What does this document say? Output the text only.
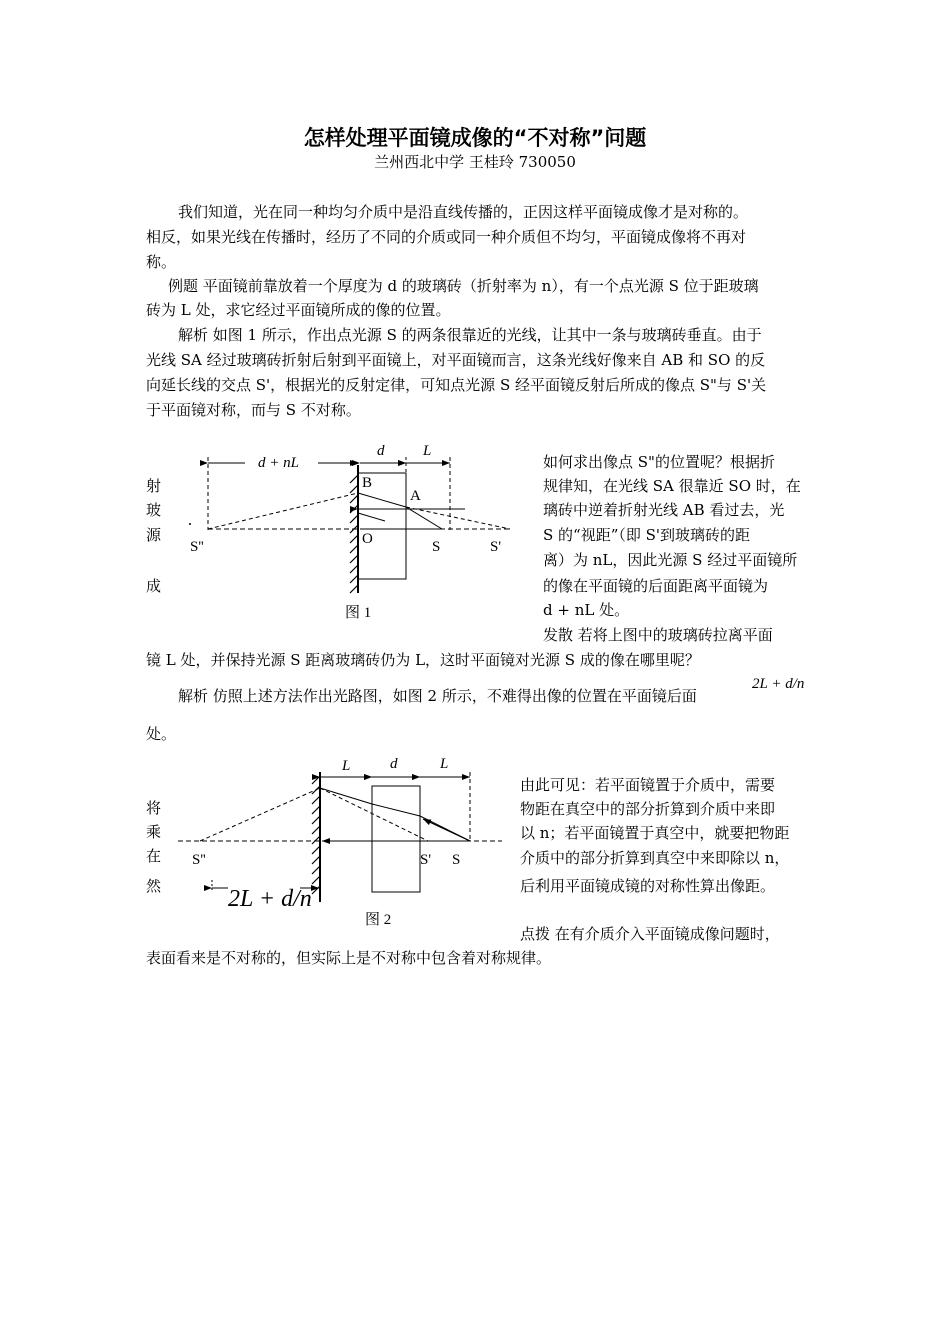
怎样处理平面镜成像的“不对称”问题
兰州西北中学 王桂玲 730050
我们知道，光在同一种均匀介质中是沿直线传播的，正因这样平面镜成像才是对称的。
相反，如果光线在传播时，经历了不同的介质或同一种介质但不均匀，平面镜成像将不再对
称。
例题 平面镜前靠放着一个厚度为 d 的玻璃砖（折射率为 n），有一个点光源 S 位于距玻璃
砖为 L 处，求它经过平面镜所成的像的位置。
解析 如图 1 所示，作出点光源 S 的两条很靠近的光线，让其中一条与玻璃砖垂直。由于
光线 SA 经过玻璃砖折射后射到平面镜上，对平面镜而言，这条光线好像来自 AB 和 SO 的反
向延长线的交点 S'，根据光的反射定律，可知点光源 S 经平面镜反射后所成的像点 S"与 S'关
于平面镜对称，而与 S 不对称。
射
玻
源
成
d + nL
d	L
B
A
O	S	S'
S''
图 1
如何求出像点 S"的位置呢？根据折
规律知，在光线 SA 很靠近 SO 时，在
璃砖中逆着折射光线 AB 看过去，光
S 的“视距”（即 S'到玻璃砖的距
离）为 nL，因此光源 S 经过平面镜所
的像在平面镜的后面距离平面镜为
d + nL 处。
发散 若将上图中的玻璃砖拉离平面
镜 L 处，并保持光源 S 距离玻璃砖仍为 L，这时平面镜对光源 S 成的像在哪里呢？
解析 仿照上述方法作出光路图，如图 2 所示，不难得出像的位置在平面镜后面
2L + d/n
处。
将
乘
在
然
L	d	L
S''	S' S
2L + d/n
图 2
由此可见：若平面镜置于介质中，需要
物距在真空中的部分折算到介质中来即
以 n；若平面镜置于真空中，就要把物距
介质中的部分折算到真空中来即除以 n，
后利用平面镜成镜的对称性算出像距。
点拨 在有介质介入平面镜成像问题时，
表面看来是不对称的，但实际上是不对称中包含着对称规律。
